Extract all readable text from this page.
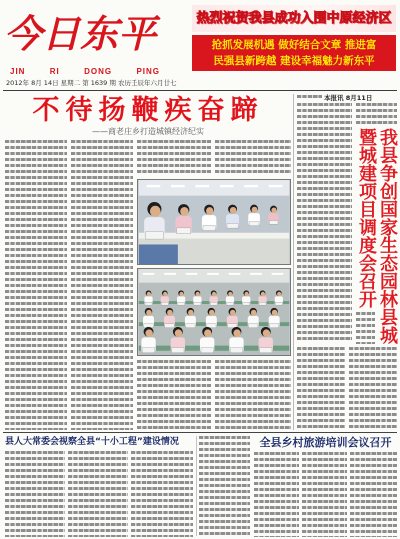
今日东平
JIN	RI	DONG	PING
热烈祝贺我县成功入围中原经济区
抢抓发展机遇 做好结合文章 推进富
民强县新跨越 建设幸福魅力新东平
2012年 8月 14日 星期二 第 1639 期 农历壬辰年六月廿七
不待扬鞭疾奋蹄
——商老庄乡打造城镇经济纪实
本报讯 8月11日
我县争创国家生态园林县城
暨城建项目调度会召开
县人大常委会视察全县“十小工程”建设情况	全县乡村旅游培训会议召开
